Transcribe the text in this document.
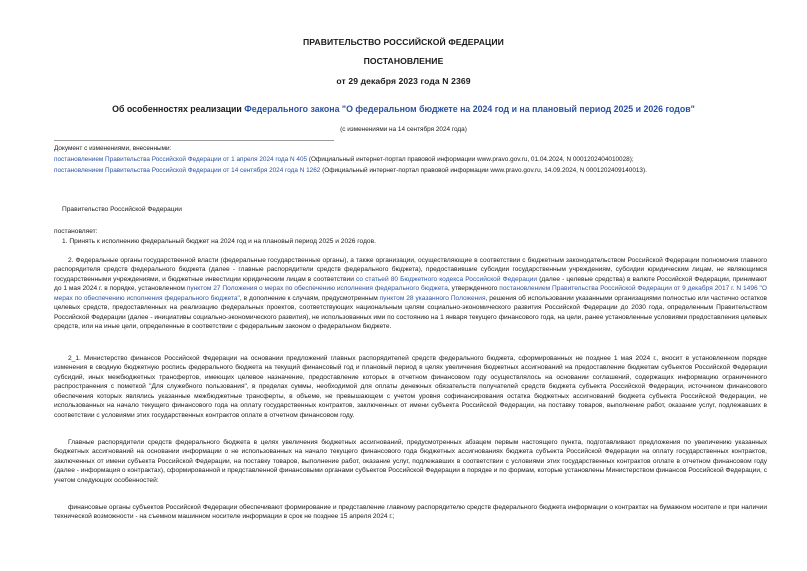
ПРАВИТЕЛЬСТВО РОССИЙСКОЙ ФЕДЕРАЦИИ
ПОСТАНОВЛЕНИЕ
от 29 декабря 2023 года N 2369
Об особенностях реализации Федерального закона "О федеральном бюджете на 2024 год и на плановый период 2025 и 2026 годов"
(с изменениями на 14 сентября 2024 года)
Документ с изменениями, внесенными:
постановлением Правительства Российской Федерации от 1 апреля 2024 года N 405 (Официальный интернет-портал правовой информации www.pravo.gov.ru, 01.04.2024, N 0001202404010028);
постановлением Правительства Российской Федерации от 14 сентября 2024 года N 1262 (Официальный интернет-портал правовой информации www.pravo.gov.ru, 14.09.2024, N 0001202409140013).
Правительство Российской Федерации
постановляет:
1. Принять к исполнению федеральный бюджет на 2024 год и на плановый период 2025 и 2026 годов.

2. Федеральные органы государственной власти (федеральные государственные органы), а также организации, осуществляющие в соответствии с бюджетным законодательством Российской Федерации полномочия главного распорядителя средств федерального бюджета (далее - главные распорядители средств федерального бюджета), предоставившие субсидии государственным учреждениям, субсидии юридическим лицам, не являющимся государственными учреждениями, и бюджетные инвестиции юридическим лицам в соответствии со статьей 80 Бюджетного кодекса Российской Федерации (далее - целевые средства) в валюте Российской Федерации, принимают до 1 мая 2024 г. в порядке, установленном пунктом 27 Положения о мерах по обеспечению исполнения федерального бюджета, утвержденного постановлением Правительства Российской Федерации от 9 декабря 2017 г. N 1496 "О мерах по обеспечению исполнения федерального бюджета", в дополнение к случаям, предусмотренным пунктом 28 указанного Положения, решения об использовании указанными организациями полностью или частично остатков целевых средств, предоставленных на реализацию федеральных проектов, соответствующих национальным целям социально-экономического развития Российской Федерации до 2030 года, определенным Правительством Российской Федерации (далее - инициативы социально-экономического развития), не использованных ими по состоянию на 1 января текущего финансового года, на цели, ранее установленные условиями предоставления целевых средств, или на иные цели, определенные в соответствии с федеральным законом о федеральном бюджете.

2_1. Министерство финансов Российской Федерации на основании предложений главных распорядителей средств федерального бюджета, сформированных не позднее 1 мая 2024 г., вносит в установленном порядке изменения в сводную бюджетную роспись федерального бюджета на текущий финансовый год и плановый период в целях увеличения бюджетных ассигнований на предоставление бюджетам субъектов Российской Федерации субсидий, иных межбюджетных трансфертов, имеющих целевое назначение, предоставление которых в отчетном финансовом году осуществлялось на основании соглашений, содержащих информацию ограниченного распространения с пометкой "Для служебного пользования", в пределах суммы, необходимой для оплаты денежных обязательств получателей средств бюджета субъекта Российской Федерации, источником финансового обеспечения которых являлись указанные межбюджетные трансферты, в объеме, не превышающем с учетом уровня софинансирования остатка бюджетных ассигнований бюджета субъекта Российской Федерации, не использованных на начало текущего финансового года на оплату государственных контрактов, заключенных от имени субъекта Российской Федерации, на поставку товаров, выполнение работ, оказание услуг, подлежавших в соответствии с условиями этих государственных контрактов оплате в отчетном финансовом году.

Главные распорядители средств федерального бюджета в целях увеличения бюджетных ассигнований, предусмотренных абзацем первым настоящего пункта, подготавливают предложения по увеличению указанных бюджетных ассигнований на основании информации о не использованных на начало текущего финансового года бюджетных ассигнованиях бюджета субъекта Российской Федерации на оплату государственных контрактов, заключенных от имени субъекта Российской Федерации, на поставку товаров, выполнение работ, оказание услуг, подлежавших в соответствии с условиями этих государственных контрактов оплате в отчетном финансовом году (далее - информация о контрактах), сформированной и представленной финансовыми органами субъектов Российской Федерации в порядке и по формам, которые установлены Министерством финансов Российской Федерации, с учетом следующих особенностей:

финансовые органы субъектов Российской Федерации обеспечивают формирование и представление главному распорядителю средств федерального бюджета информации о контрактах на бумажном носителе и при наличии технической возможности - на съемном машинном носителе информации в срок не позднее 15 апреля 2024 г.;
